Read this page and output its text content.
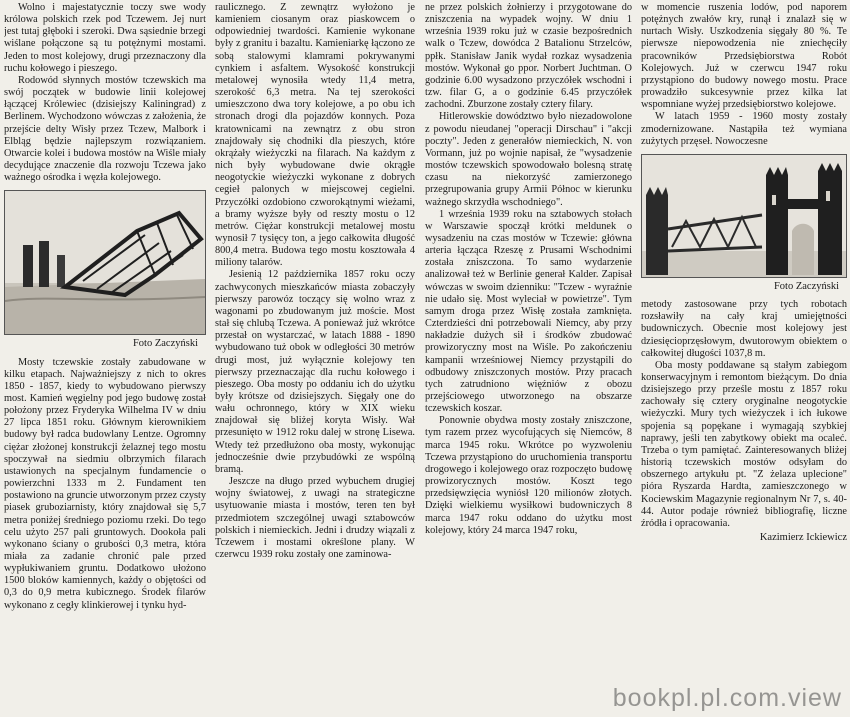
Wolno i majestatycznie toczy swe wody królowa polskich rzek pod Tczewem. Jej nurt jest tutaj głęboki i szeroki. Dwa sąsiednie brzegi wiślane połączone są tu potężnymi mostami. Jeden to most kolejowy, drugi przeznaczony dla ruchu kołowego i pieszego.

Rodowód słynnych mostów tczewskich ma swój początek w budowie linii kolejowej łączącej Królewiec (dzisiejszy Kaliningrad) z Berlinem. Wychodzono wówczas z założenia, że przejście delty Wisły przez Tczew, Malbork i Elbląg będzie najlepszym rozwiązaniem. Otwarcie kolei i budowa mostów na Wiśle miały decydujące znaczenie dla rozwoju Tczewa jako ważnego ośrodka i węzła kolejowego.

Foto Zaczyński

Mosty tczewskie zostały zabudowane w kilku etapach. Najważniejszy z nich to okres 1850 - 1857, kiedy to wybudowano pierwszy most. Kamień węgielny pod jego budowę został położony przez Fryderyka Wilhelma IV w dniu 27 lipca 1851 roku. Głównym kierownikiem budowy był radca budowlany Lentze. Ogromny ciężar złożonej konstrukcji żelaznej tego mostu spoczywał na siedmiu olbrzymich filarach ustawionych na specjalnym fundamencie o powierzchni 1333 m 2. Fundament ten postawiono na gruncie utworzonym przez czysty piasek gruboziarnisty, który znajdował się 5,7 metra poniżej średniego poziomu rzeki. Do tego celu użyto 257 pali gruntowych. Dookoła pali wykonano ściany o grubości 0,3 metra, która miała za zadanie chronić pale przed wypłukiwaniem gruntu. Dodatkowo ułożono 1500 bloków kamiennych, każdy o objętości od 0,3 do 0,9 metra kubicznego. Środek filarów wykonano z cegły klinkierowej i tynku hyd-

raulicznego. Z zewnątrz wyłożono je kamieniem ciosanym oraz piaskowcem o odpowiedniej twardości. Kamienie wykonane były z granitu i bazaltu. Kamieniarkę łączono ze sobą stalowymi klamrami pokrywanymi cynkiem i asfaltem. Wysokość konstrukcji metalowej wynosiła wtedy 11,4 metra, szerokość 6,3 metra. Na tej szerokości umieszczono dwa tory kolejowe, a po obu ich stronach drogi dla pojazdów konnych. Poza kratownicami na zewnątrz z obu stron znajdowały się chodniki dla pieszych, które okrążały wieżyczki na filarach. Na każdym z nich były wybudowane dwie okrągłe neogotyckie wieżyczki wykonane z dobrych cegieł palonych w miejscowej cegielni. Przyczółki ozdobiono czworokątnymi wieżami, a bramy wyższe były od reszty mostu o 12 metrów. Ciężar konstrukcji metalowej mostu wynosił 7 tysięcy ton, a jego całkowita długość 800,4 metra. Budowa tego mostu kosztowała 4 miliony talarów.

Jesienią 12 października 1857 roku oczy zachwyconych mieszkańców miasta zobaczyły pierwszy parowóz toczący się wolno wraz z wagonami po zbudowanym już moście. Most stał się chlubą Tczewa. A ponieważ już wkrótce przestał on wystarczać, w latach 1888 - 1890 wybudowano tuż obok w odległości 30 metrów drugi most, już wyłącznie kolejowy ten pierwszy przeznaczając dla ruchu kołowego i pieszego. Oba mosty po oddaniu ich do użytku były krótsze od dzisiejszych. Sięgały one do wału ochronnego, który w XIX wieku znajdował się bliżej koryta Wisły. Wał przesunięto w 1912 roku dalej w stronę Lisewa. Wtedy też przedłużono oba mosty, wykonując jednocześnie dwie przybudówki ze wspólną bramą.

Jeszcze na długo przed wybuchem drugiej wojny światowej, z uwagi na strategiczne usytuowanie miasta i mostów, teren ten był przedmiotem szczególnej uwagi sztabowców polskich i niemieckich. Jedni i drudzy wiązali z Tczewem i mostami określone plany. W czerwcu 1939 roku zostały one zaminowa-

ne przez polskich żołnierzy i przygotowane do zniszczenia na wypadek wojny. W dniu 1 września 1939 roku już w czasie bezpośrednich walk o Tczew, dowódca 2 Batalionu Strzelców, ppłk. Stanisław Janik wydał rozkaz wysadzenia mostów. Wykonał go ppor. Norbert Juchtman. O godzinie 6.00 wysadzono przyczółek wschodni i tzw. filar G, a o godzinie 6.45 przyczółek zachodni. Zburzone zostały cztery filary.

Hitlerowskie dowództwo było niezadowolone z powodu nieudanej "operacji Dirschau" i "akcji poczty". Jeden z generałów niemieckich, N. von Vormann, już po wojnie napisał, że "wysadzenie mostów tczewskich spowodowało bolesną stratę czasu na niekorzyść zamierzonego przegrupowania grupy Armii Północ w kierunku ważnego skrzydła wschodniego".

1 września 1939 roku na sztabowych stołach w Warszawie spoczął krótki meldunek o wysadzeniu na czas mostów w Tczewie: główna arteria łącząca Rzeszę z Prusami Wschodnimi została zniszczona. To samo wydarzenie analizował też w Berlinie generał Kalder. Zapisał wówczas w swoim dzienniku: "Tczew - wyraźnie nie udało się. Most wyleciał w powietrze". Tym samym droga przez Wisłę została zamknięta. Czterdzieści dni potrzebowali Niemcy, aby przy nakładzie dużych sił i środków zbudować prowizoryczny most na Wiśle. Po zakończeniu kampanii wrześniowej Niemcy przystąpili do odbudowy zniszczonych mostów. Przy pracach tych zatrudniono więźniów z obozu przejściowego utworzonego na obszarze tczewskich koszar.

Ponownie obydwa mosty zostały zniszczone, tym razem przez wycofujących się Niemców, 8 marca 1945 roku. Wkrótce po wyzwoleniu Tczewa przystąpiono do uruchomienia transportu drogowego i kolejowego oraz rozpoczęto budowę prowizorycznych mostów. Koszt tego przedsięwzięcia wyniósł 120 milionów złotych. Dzięki wielkiemu wysiłkowi budowniczych 8 marca 1947 roku oddano do użytku most kolejowy, który 24 marca 1947 roku,

w momencie ruszenia lodów, pod naporem potężnych zwałów kry, runął i znalazł się w nurtach Wisły. Uszkodzenia sięgały 80 %. Te pierwsze niepowodzenia nie zniechęciły pracowników Przedsiębiorstwa Robót Kolejowych. Już w czerwcu 1947 roku przystąpiono do budowy nowego mostu. Prace prowadziło sukcesywnie przez kilka lat wspomniane wyżej przedsiębiorstwo kolejowe.

W latach 1959 - 1960 mosty zostały zmodernizowane. Nastąpiła też wymiana zużytych przęseł. Nowoczesne

Foto Zaczyński

metody zastosowane przy tych robotach rozsławiły na cały kraj umiejętności budowniczych. Obecnie most kolejowy jest dziesięcioprzęsłowym, dwutorowym obiektem o całkowitej długości 1037,8 m.

Oba mosty poddawane są stałym zabiegom konserwacyjnym i remontom bieżącym. Do dnia dzisiejszego przy prześle mostu z 1857 roku zachowały się cztery oryginalne neogotyckie wieżyczki. Mury tych wieżyczek i ich łukowe spojenia są popękane i wymagają szybkiej naprawy, jeśli ten zabytkowy obiekt ma ocaleć. Trzeba o tym pamiętać. Zainteresowanych bliżej historią tczewskich mostów odsyłam do obszernego artykułu pt. "Z żelaza uplecione" pióra Ryszarda Hardta, zamieszczonego w Kociewskim Magazynie regionalnym Nr 7, s. 40-44. Autor podaje również bibliografię, liczne źródła i opracowania.

Kazimierz Ickiewicz
bookpl.pl.com.view
